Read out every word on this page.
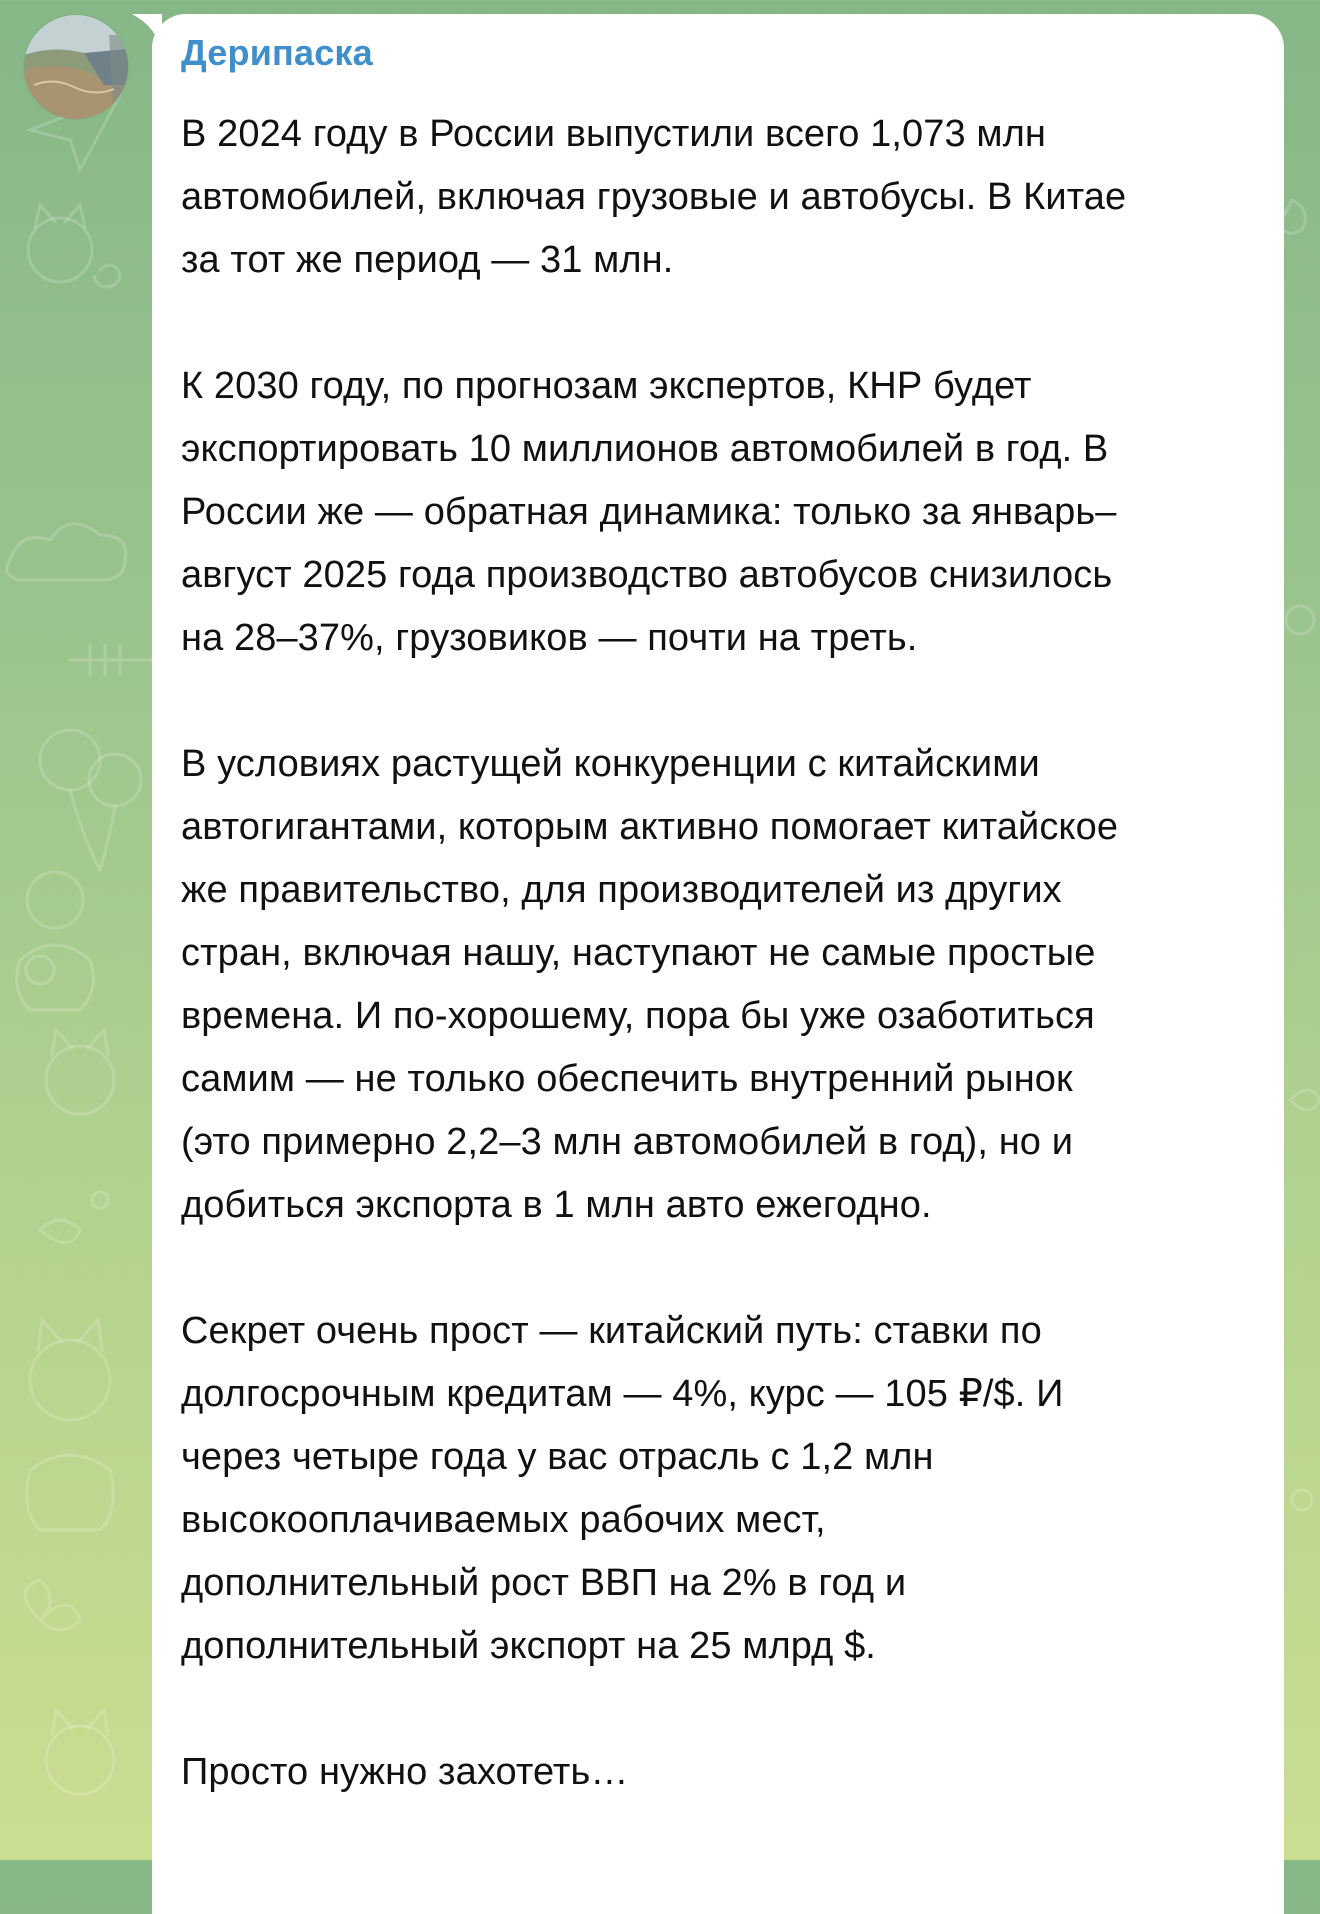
Дерипаска

В 2024 году в России выпустили всего 1,073 млн
автомобилей, включая грузовые и автобусы. В Китае
за тот же период — 31 млн.

К 2030 году, по прогнозам экспертов, КНР будет
экспортировать 10 миллионов автомобилей в год. В
России же — обратная динамика: только за январь–
август 2025 года производство автобусов снизилось
на 28–37%, грузовиков — почти на треть.

В условиях растущей конкуренции с китайскими
автогигантами, которым активно помогает китайское
же правительство, для производителей из других
стран, включая нашу, наступают не самые простые
времена. И по-хорошему, пора бы уже озаботиться
самим — не только обеспечить внутренний рынок
(это примерно 2,2–3 млн автомобилей в год), но и
добиться экспорта в 1 млн авто ежегодно.

Секрет очень прост — китайский путь: ставки по
долгосрочным кредитам — 4%, курс — 105 ₽/$. И
через четыре года у вас отрасль с 1,2 млн
высокооплачиваемых рабочих мест,
дополнительный рост ВВП на 2% в год и
дополнительный экспорт на 25 млрд $.

Просто нужно захотеть…
